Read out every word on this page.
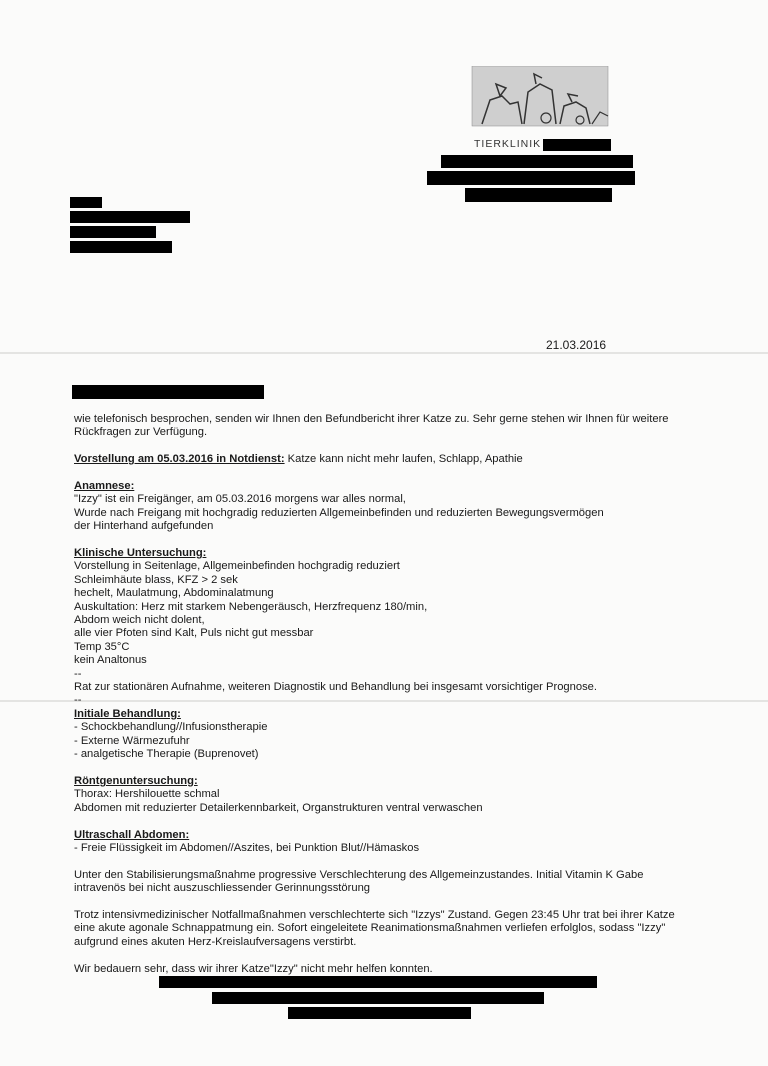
TIERKLINIK
21.03.2016

wie telefonisch besprochen, senden wir Ihnen den Befundbericht ihrer Katze zu. Sehr gerne stehen wir Ihnen für weitere Rückfragen zur Verfügung.

Vorstellung am 05.03.2016 in Notdienst: Katze kann nicht mehr laufen, Schlapp, Apathie

Anamnese:

"Izzy" ist ein Freigänger, am 05.03.2016 morgens war alles normal,

Wurde nach Freigang mit hochgradig reduzierten Allgemeinbefinden und reduzierten Bewegungsvermögen

der Hinterhand aufgefunden

Klinische Untersuchung:

Vorstellung in Seitenlage, Allgemeinbefinden hochgradig reduziert

Schleimhäute blass, KFZ > 2 sek

hechelt, Maulatmung, Abdominalatmung

Auskultation: Herz mit starkem Nebengeräusch, Herzfrequenz 180/min,

Abdom weich nicht dolent,

alle vier Pfoten sind Kalt, Puls nicht gut messbar

Temp 35°C

kein Analtonus

--

Rat zur stationären Aufnahme, weiteren Diagnostik und Behandlung bei insgesamt vorsichtiger Prognose.

--

Initiale Behandlung:

- Schockbehandlung//Infusionstherapie

- Externe Wärmezufuhr

- analgetische Therapie (Buprenovet)

Röntgenuntersuchung:

Thorax: Hershilouette schmal

Abdomen mit reduzierter Detailerkennbarkeit, Organstrukturen ventral verwaschen

Ultraschall Abdomen:

- Freie Flüssigkeit im Abdomen//Aszites, bei Punktion Blut//Hämaskos

Unter den Stabilisierungsmaßnahme progressive Verschlechterung des Allgemeinzustandes. Initial Vitamin K Gabe intravenös bei nicht auszuschliessender Gerinnungsstörung

Trotz intensivmedizinischer Notfallmaßnahmen verschlechterte sich "Izzys" Zustand. Gegen 23:45 Uhr trat bei ihrer Katze eine akute agonale Schnappatmung ein. Sofort eingeleitete Reanimationsmaßnahmen verliefen erfolglos, sodass "Izzy" aufgrund eines akuten Herz-Kreislaufversagens verstirbt.

Wir bedauern sehr, dass wir ihrer Katze"Izzy" nicht mehr helfen konnten.
